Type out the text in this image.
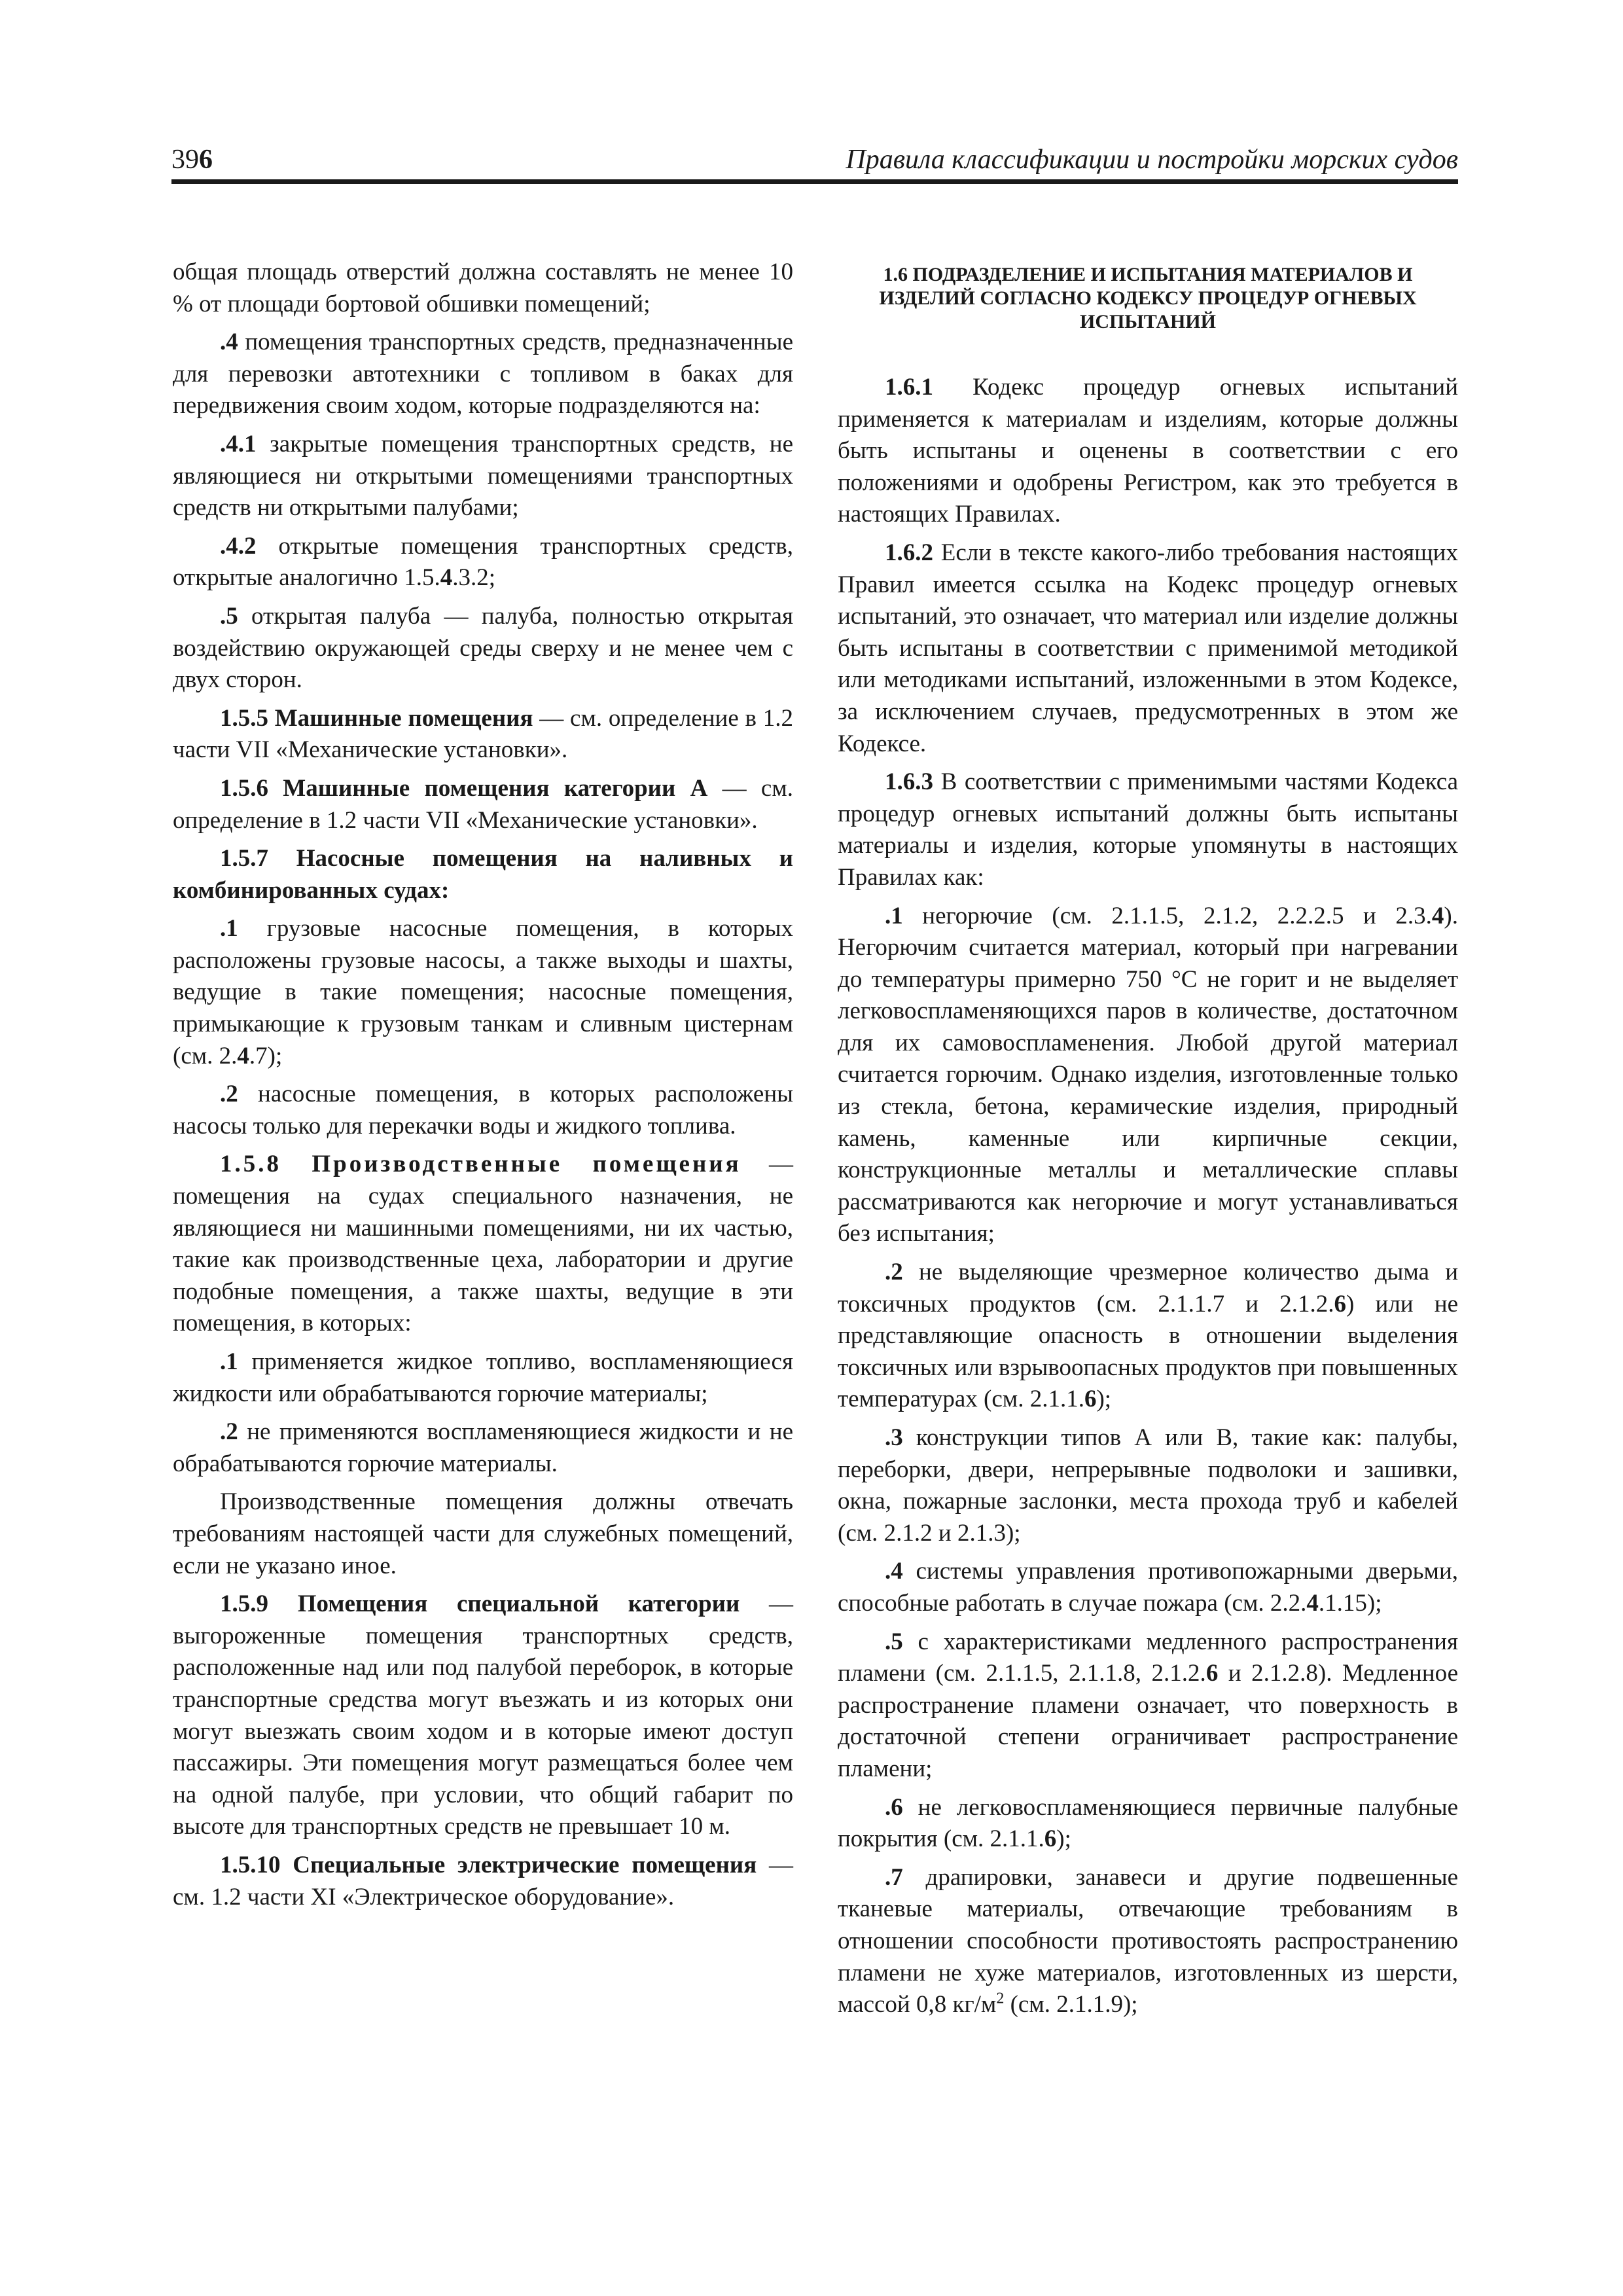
396	Правила классификации и постройки морских судов

общая площадь отверстий должна составлять не менее 10 % от площади бортовой обшивки помещений;

.4 помещения транспортных средств, предназначенные для перевозки автотехники с топливом в баках для передвижения своим ходом, которые подразделяются на:

.4.1 закрытые помещения транспортных средств, не являющиеся ни открытыми помещениями транспортных средств ни открытыми палубами;

.4.2 открытые помещения транспортных средств, открытые аналогично 1.5.4.3.2;

.5 открытая палуба — палуба, полностью открытая воздействию окружающей среды сверху и не менее чем с двух сторон.

1.5.5 Машинные помещения — см. определение в 1.2 части VII «Механические установки».

1.5.6 Машинные помещения категории А — см. определение в 1.2 части VII «Механические установки».

1.5.7 Насосные помещения на наливных и комбинированных судах:

.1 грузовые насосные помещения, в которых расположены грузовые насосы, а также выходы и шахты, ведущие в такие помещения; насосные помещения, примыкающие к грузовым танкам и сливным цистернам (см. 2.4.7);

.2 насосные помещения, в которых расположены насосы только для перекачки воды и жидкого топлива.

1.5.8 Производственные помещения — помещения на судах специального назначения, не являющиеся ни машинными помещениями, ни их частью, такие как производственные цеха, лаборатории и другие подобные помещения, а также шахты, ведущие в эти помещения, в которых:

.1 применяется жидкое топливо, воспламеняющиеся жидкости или обрабатываются горючие материалы;

.2 не применяются воспламеняющиеся жидкости и не обрабатываются горючие материалы.

Производственные помещения должны отвечать требованиям настоящей части для служебных помещений, если не указано иное.

1.5.9 Помещения специальной категории — выгороженные помещения транспортных средств, расположенные над или под палубой переборок, в которые транспортные средства могут въезжать и из которых они могут выезжать своим ходом и в которые имеют доступ пассажиры. Эти помещения могут размещаться более чем на одной палубе, при условии, что общий габарит по высоте для транспортных средств не превышает 10 м.

1.5.10 Специальные электрические помещения — см. 1.2 части XI «Электрическое оборудование».

1.6 ПОДРАЗДЕЛЕНИЕ И ИСПЫТАНИЯ МАТЕРИАЛОВ И ИЗДЕЛИЙ СОГЛАСНО КОДЕКСУ ПРОЦЕДУР ОГНЕВЫХ ИСПЫТАНИЙ

1.6.1 Кодекс процедур огневых испытаний применяется к материалам и изделиям, которые должны быть испытаны и оценены в соответствии с его положениями и одобрены Регистром, как это требуется в настоящих Правилах.

1.6.2 Если в тексте какого-либо требования настоящих Правил имеется ссылка на Кодекс процедур огневых испытаний, это означает, что материал или изделие должны быть испытаны в соответствии с применимой методикой или методиками испытаний, изложенными в этом Кодексе, за исключением случаев, предусмотренных в этом же Кодексе.

1.6.3 В соответствии с применимыми частями Кодекса процедур огневых испытаний должны быть испытаны материалы и изделия, которые упомянуты в настоящих Правилах как:

.1 негорючие (см. 2.1.1.5, 2.1.2, 2.2.2.5 и 2.3.4). Негорючим считается материал, который при нагревании до температуры примерно 750 °С не горит и не выделяет легковоспламеняющихся паров в количестве, достаточном для их самовоспламенения. Любой другой материал считается горючим. Однако изделия, изготовленные только из стекла, бетона, керамические изделия, природный камень, каменные или кирпичные секции, конструкционные металлы и металлические сплавы рассматриваются как негорючие и могут устанавливаться без испытания;

.2 не выделяющие чрезмерное количество дыма и токсичных продуктов (см. 2.1.1.7 и 2.1.2.6) или не представляющие опасность в отношении выделения токсичных или взрывоопасных продуктов при повышенных температурах (см. 2.1.1.6);

.3 конструкции типов А или В, такие как: палубы, переборки, двери, непрерывные подволоки и зашивки, окна, пожарные заслонки, места прохода труб и кабелей (см. 2.1.2 и 2.1.3);

.4 системы управления противопожарными дверьми, способные работать в случае пожара (см. 2.2.4.1.15);

.5 с характеристиками медленного распространения пламени (см. 2.1.1.5, 2.1.1.8, 2.1.2.6 и 2.1.2.8). Медленное распространение пламени означает, что поверхность в достаточной степени ограничивает распространение пламени;

.6 не легковоспламеняющиеся первичные палубные покрытия (см. 2.1.1.6);

.7 драпировки, занавеси и другие подвешенные тканевые материалы, отвечающие требованиям в отношении способности противостоять распространению пламени не хуже материалов, изготовленных из шерсти, массой 0,8 $кг/м^2$ (см. 2.1.1.9);
